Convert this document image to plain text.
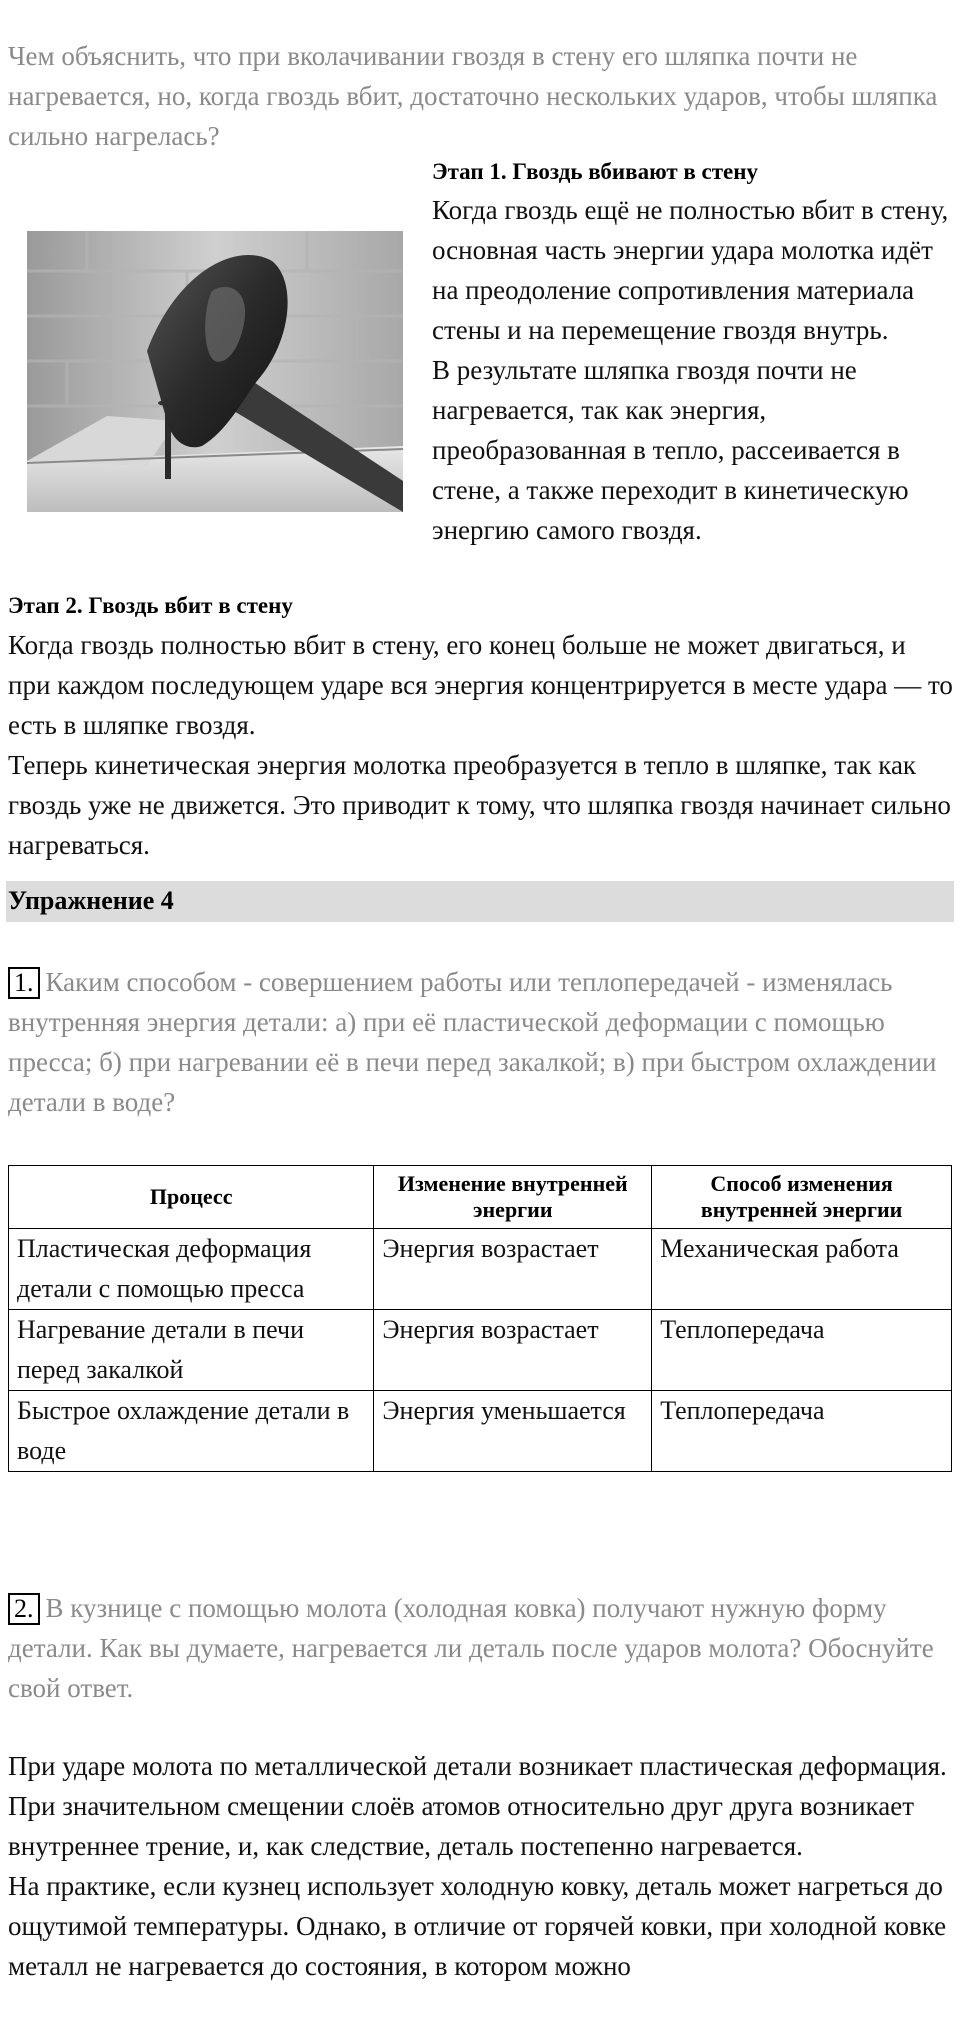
Чем объяснить, что при вколачивании гвоздя в стену его шляпка почти не нагревается, но, когда гвоздь вбит, достаточно нескольких ударов, чтобы шляпка сильно нагрелась?
Этап 1. Гвоздь вбивают в стену
Когда гвоздь ещё не полностью вбит в стену, основная часть энергии удара молотка идёт на преодоление сопротивления материала стены и на перемещение гвоздя внутрь.
В результате шляпка гвоздя почти не нагревается, так как энергия, преобразованная в тепло, рассеивается в стене, а также переходит в кинетическую энергию самого гвоздя.
Этап 2. Гвоздь вбит в стену
Когда гвоздь полностью вбит в стену, его конец больше не может двигаться, и при каждом последующем ударе вся энергия концентрируется в месте удара — то есть в шляпке гвоздя.
Теперь кинетическая энергия молотка преобразуется в тепло в шляпке, так как гвоздь уже не движется. Это приводит к тому, что шляпка гвоздя начинает сильно нагреваться.
Упражнение 4
1. Каким способом - совершением работы или теплопередачей - изменялась внутренняя энергия детали: а) при её пластической деформации с помощью пресса; б) при нагревании её в печи перед закалкой; в) при быстром охлаждении детали в воде?
Процесс	Изменение внутренней энергии	Способ изменения внутренней энергии
Пластическая деформация детали с помощью пресса	Энергия возрастает	Механическая работа
Нагревание детали в печи перед закалкой	Энергия возрастает	Теплопередача
Быстрое охлаждение детали в воде	Энергия уменьшается	Теплопередача
2. В кузнице с помощью молота (холодная ковка) получают нужную форму детали. Как вы думаете, нагревается ли деталь после ударов молота? Обоснуйте свой ответ.
При ударе молота по металлической детали возникает пластическая деформация. При значительном смещении слоёв атомов относительно друг друга возникает внутреннее трение, и, как следствие, деталь постепенно нагревается.
На практике, если кузнец использует холодную ковку, деталь может нагреться до ощутимой температуры. Однако, в отличие от горячей ковки, при холодной ковке металл не нагревается до состояния, в котором можно
